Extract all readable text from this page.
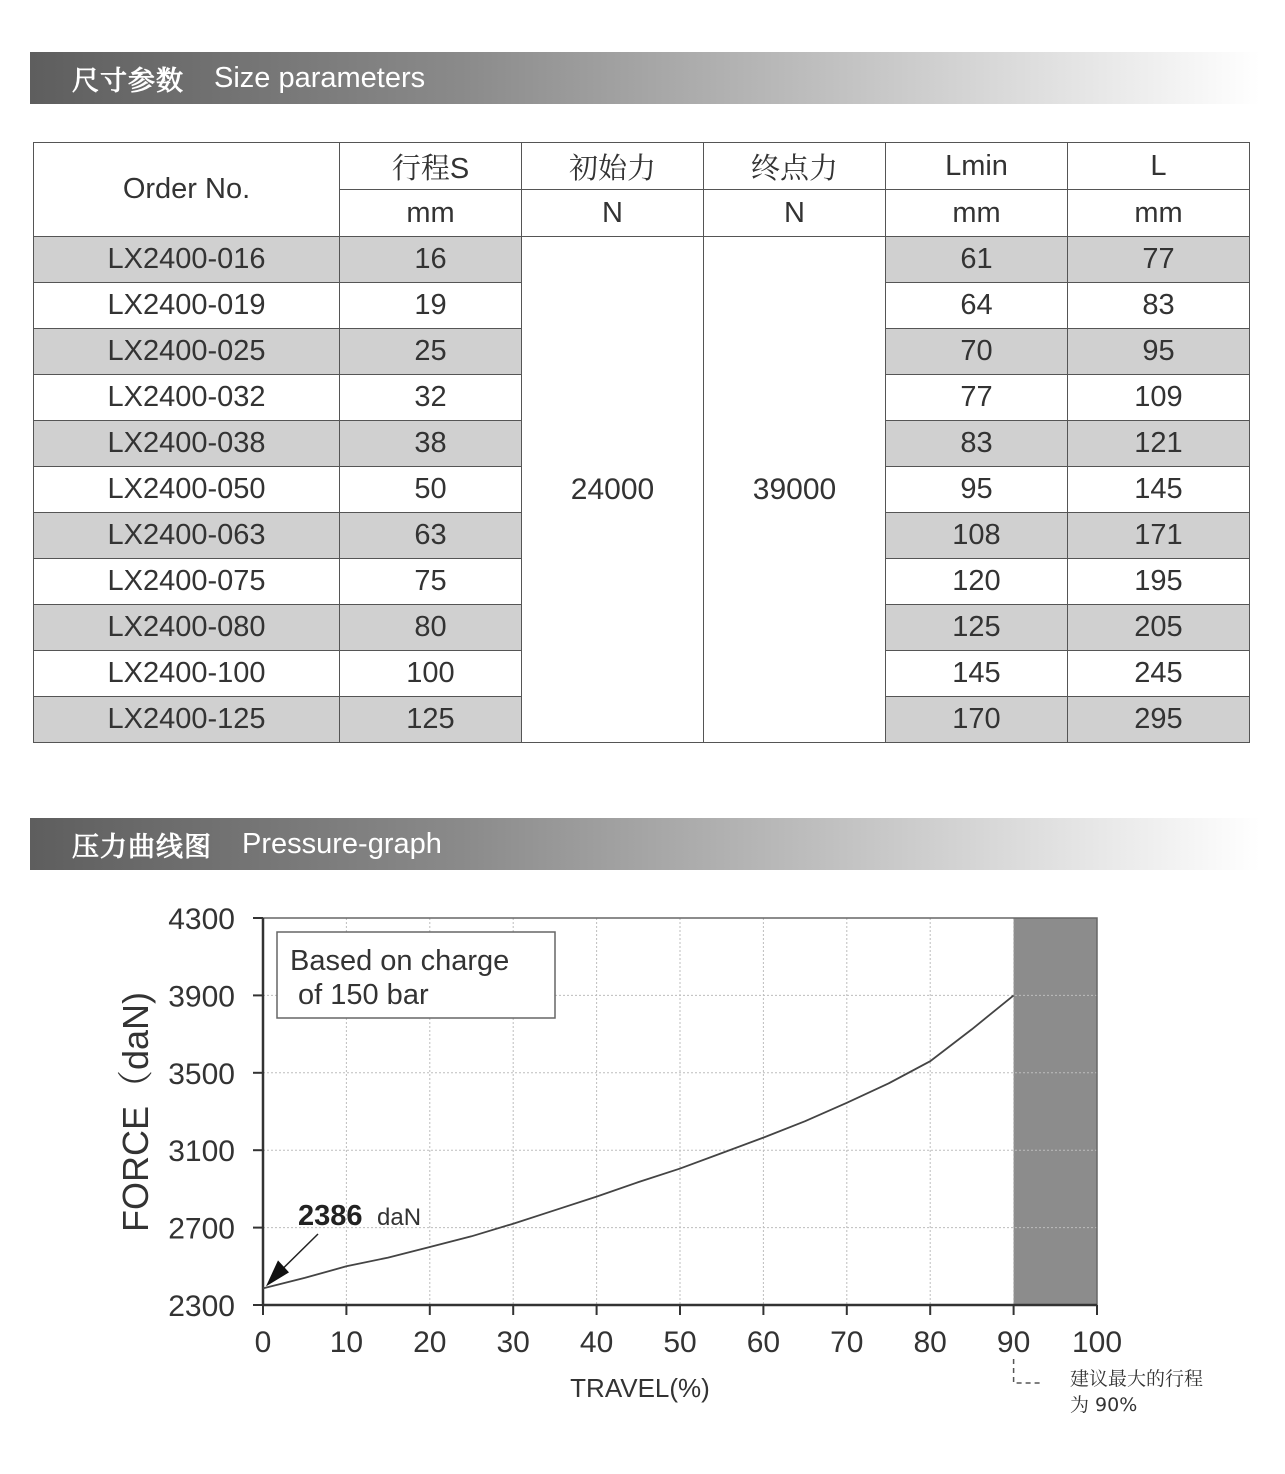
尺寸参数 Size parameters
Order No.	行程S	初始力	终点力	Lmin	L
	mm	N	N	mm	mm
LX2400-016	16	24000	39000	61	77
LX2400-019	19			64	83
LX2400-025	25			70	95
LX2400-032	32			77	109
LX2400-038	38			83	121
LX2400-050	50			95	145
LX2400-063	63			108	171
LX2400-075	75			120	195
LX2400-080	80			125	205
LX2400-100	100			145	245
LX2400-125	125			170	295
压力曲线图 Pressure-graph
2300
2700
3100
3500
3900
4300
0 10 20 30 40 50 60 70 80 90 100
TRAVEL(%)
FORCE（daN)
Based on charge
of 150 bar
2386 daN
建议最大的行程
为 90%
